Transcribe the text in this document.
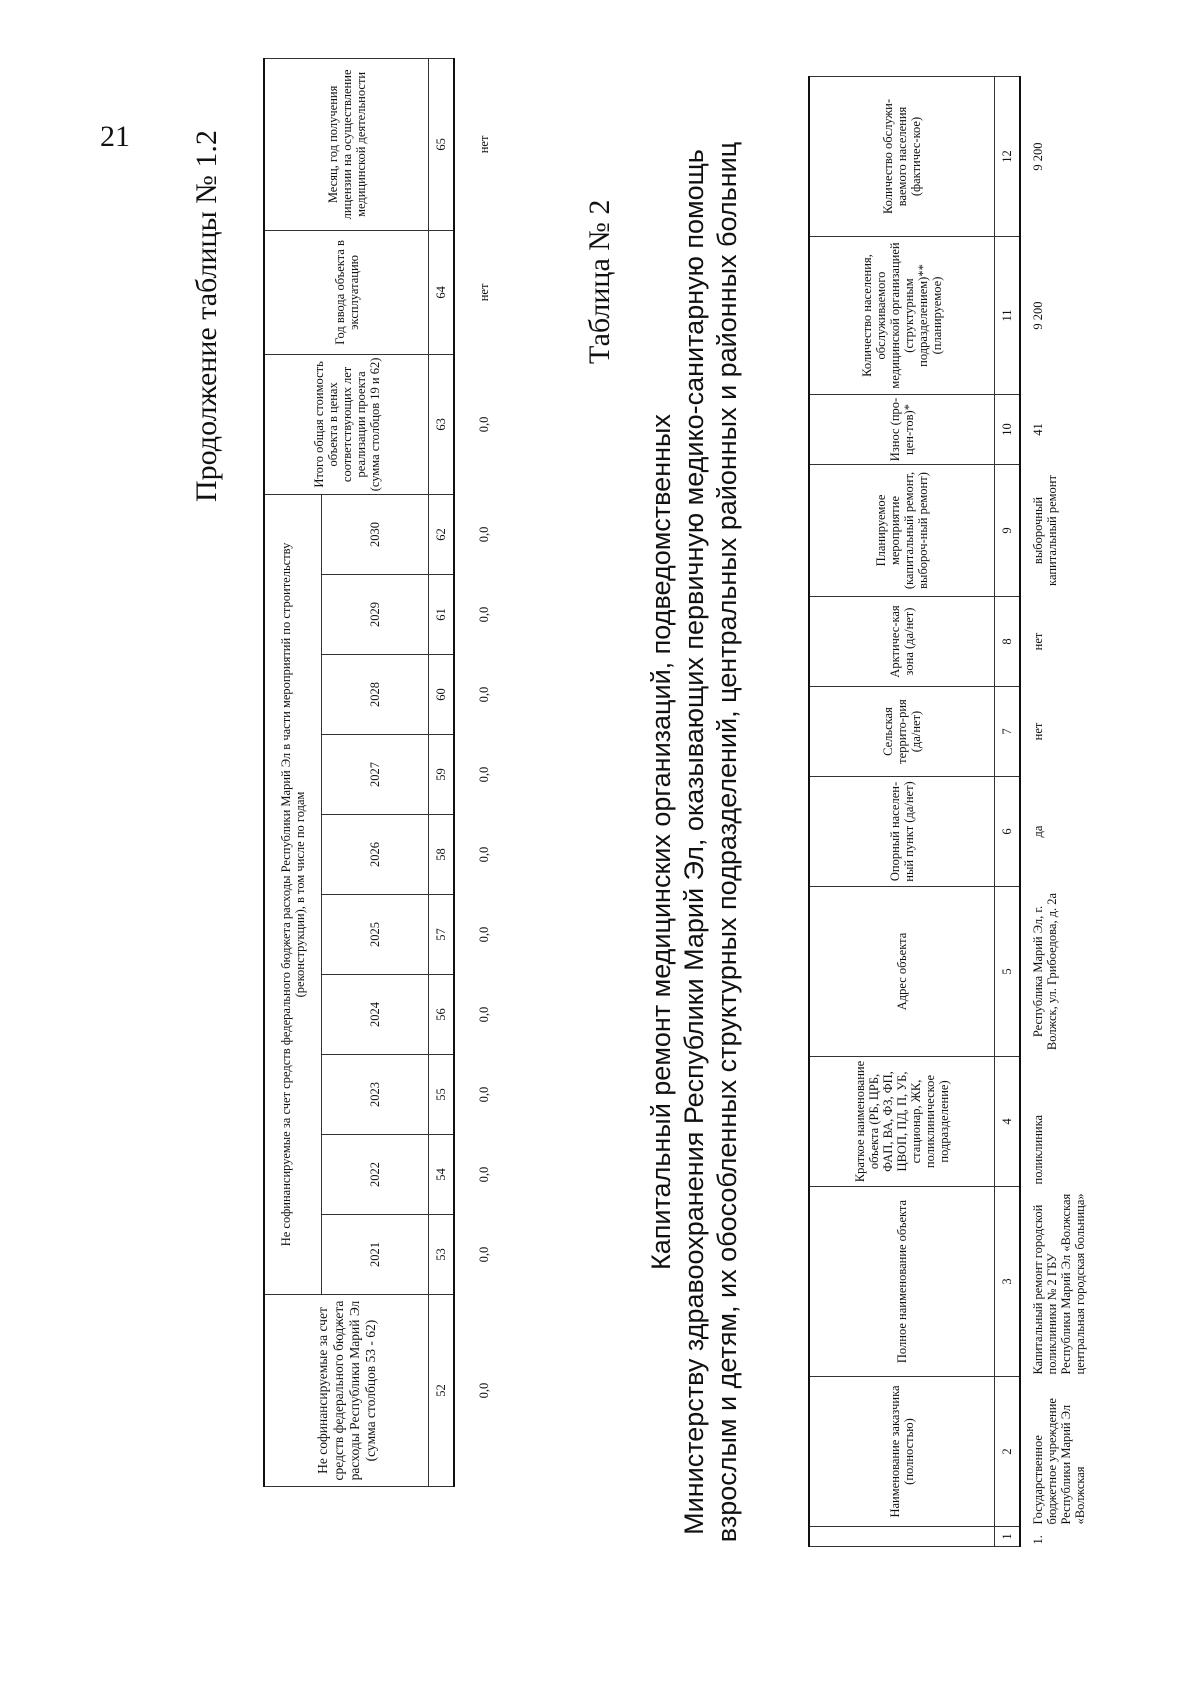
21 Продолжение таблицы № 1.2
Не софинансируемые за счет средств федерального бюджета расходы Республики Марий Эл (сумма столбцов 53 - 62)	Не софинансируемые за счет средств федерального бюджета расходы Республики Марий Эл в части мероприятий по строительству (реконструкции), в том числе по годам										Итого общая стоимость объекта в ценах соответствующих лет реализации проекта (сумма столбцов 19 и 62)	Год ввода объекта в эксплуатацию	Месяц, год получения лицензии на осуществление медицинской деятельности
	2021	2022	2023	2024	2025	2026	2027	2028	2029	2030			
52	53	54	55	56	57	58	59	60	61	62	63	64	65
0,0	0,0	0,0	0,0	0,0	0,0	0,0	0,0	0,0	0,0	0,0	0,0	нет	нет
Таблица № 2
Капитальный ремонт медицинских организаций, подведомственных Министерству здравоохранения Республики Марий Эл, оказывающих первичную медико-санитарную помощь взрослым и детям, их обособленных структурных подразделений, центральных районных и районных больниц
		Наименование заказчика (полностью)	Полное наименование объекта	Краткое наименование объекта (РБ, ЦРБ, ФАП, ВА, ФЗ, ФП, ЦВОП, ПД, П, УБ, стационар, ЖК, поликлиническое подразделение)	Адрес объекта	Опорный населен-ный пункт (да/нет)	Сельская террито-рия (да/нет)	Арктичес-кая зона (да/нет)	Планируемое мероприятие (капитальный ремонт, выбороч-ный ремонт)	Износ (про-цен-тов)*	Количество населения, обслуживаемого медицинской организацией (структурным подразделением)** (планируемое)	Количество обслужи-ваемого населения (фактичес-кое)
1	2	3	4	5	6	7	8	9	10	11	12
1.	Государственное бюджетное учреждение Республики Марий Эл «Волжская	Капитальный ремонт городской поликлиники № 2 ГБУ Республики Марий Эл «Волжская центральная городская больница»	поликлиника	Республика Марий Эл, г. Волжск, ул. Грибоедова, д. 2а	да	нет	нет	выборочный капитальный ремонт	41	9 200	9 200
